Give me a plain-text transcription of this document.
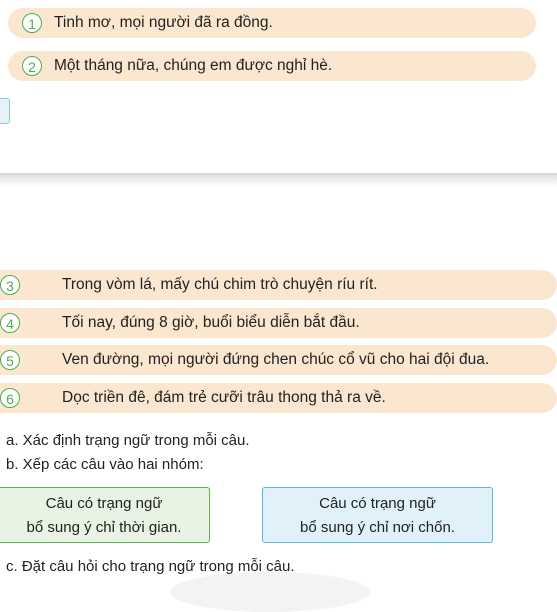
1	Tinh mơ, mọi người đã ra đồng.
2	Một tháng nữa, chúng em được nghỉ hè.
3	Trong vòm lá, mấy chú chim trò chuyện ríu rít.
4	Tối nay, đúng 8 giờ, buổi biểu diễn bắt đầu.
5	Ven đường, mọi người đứng chen chúc cổ vũ cho hai đội đua.
6	Dọc triền đê, đám trẻ cưỡi trâu thong thả ra về.
a. Xác định trạng ngữ trong mỗi câu.
b. Xếp các câu vào hai nhóm:
Câu có trạng ngữ
bổ sung ý chỉ thời gian.
Câu có trạng ngữ
bổ sung ý chỉ nơi chốn.
c. Đặt câu hỏi cho trạng ngữ trong mỗi câu.
